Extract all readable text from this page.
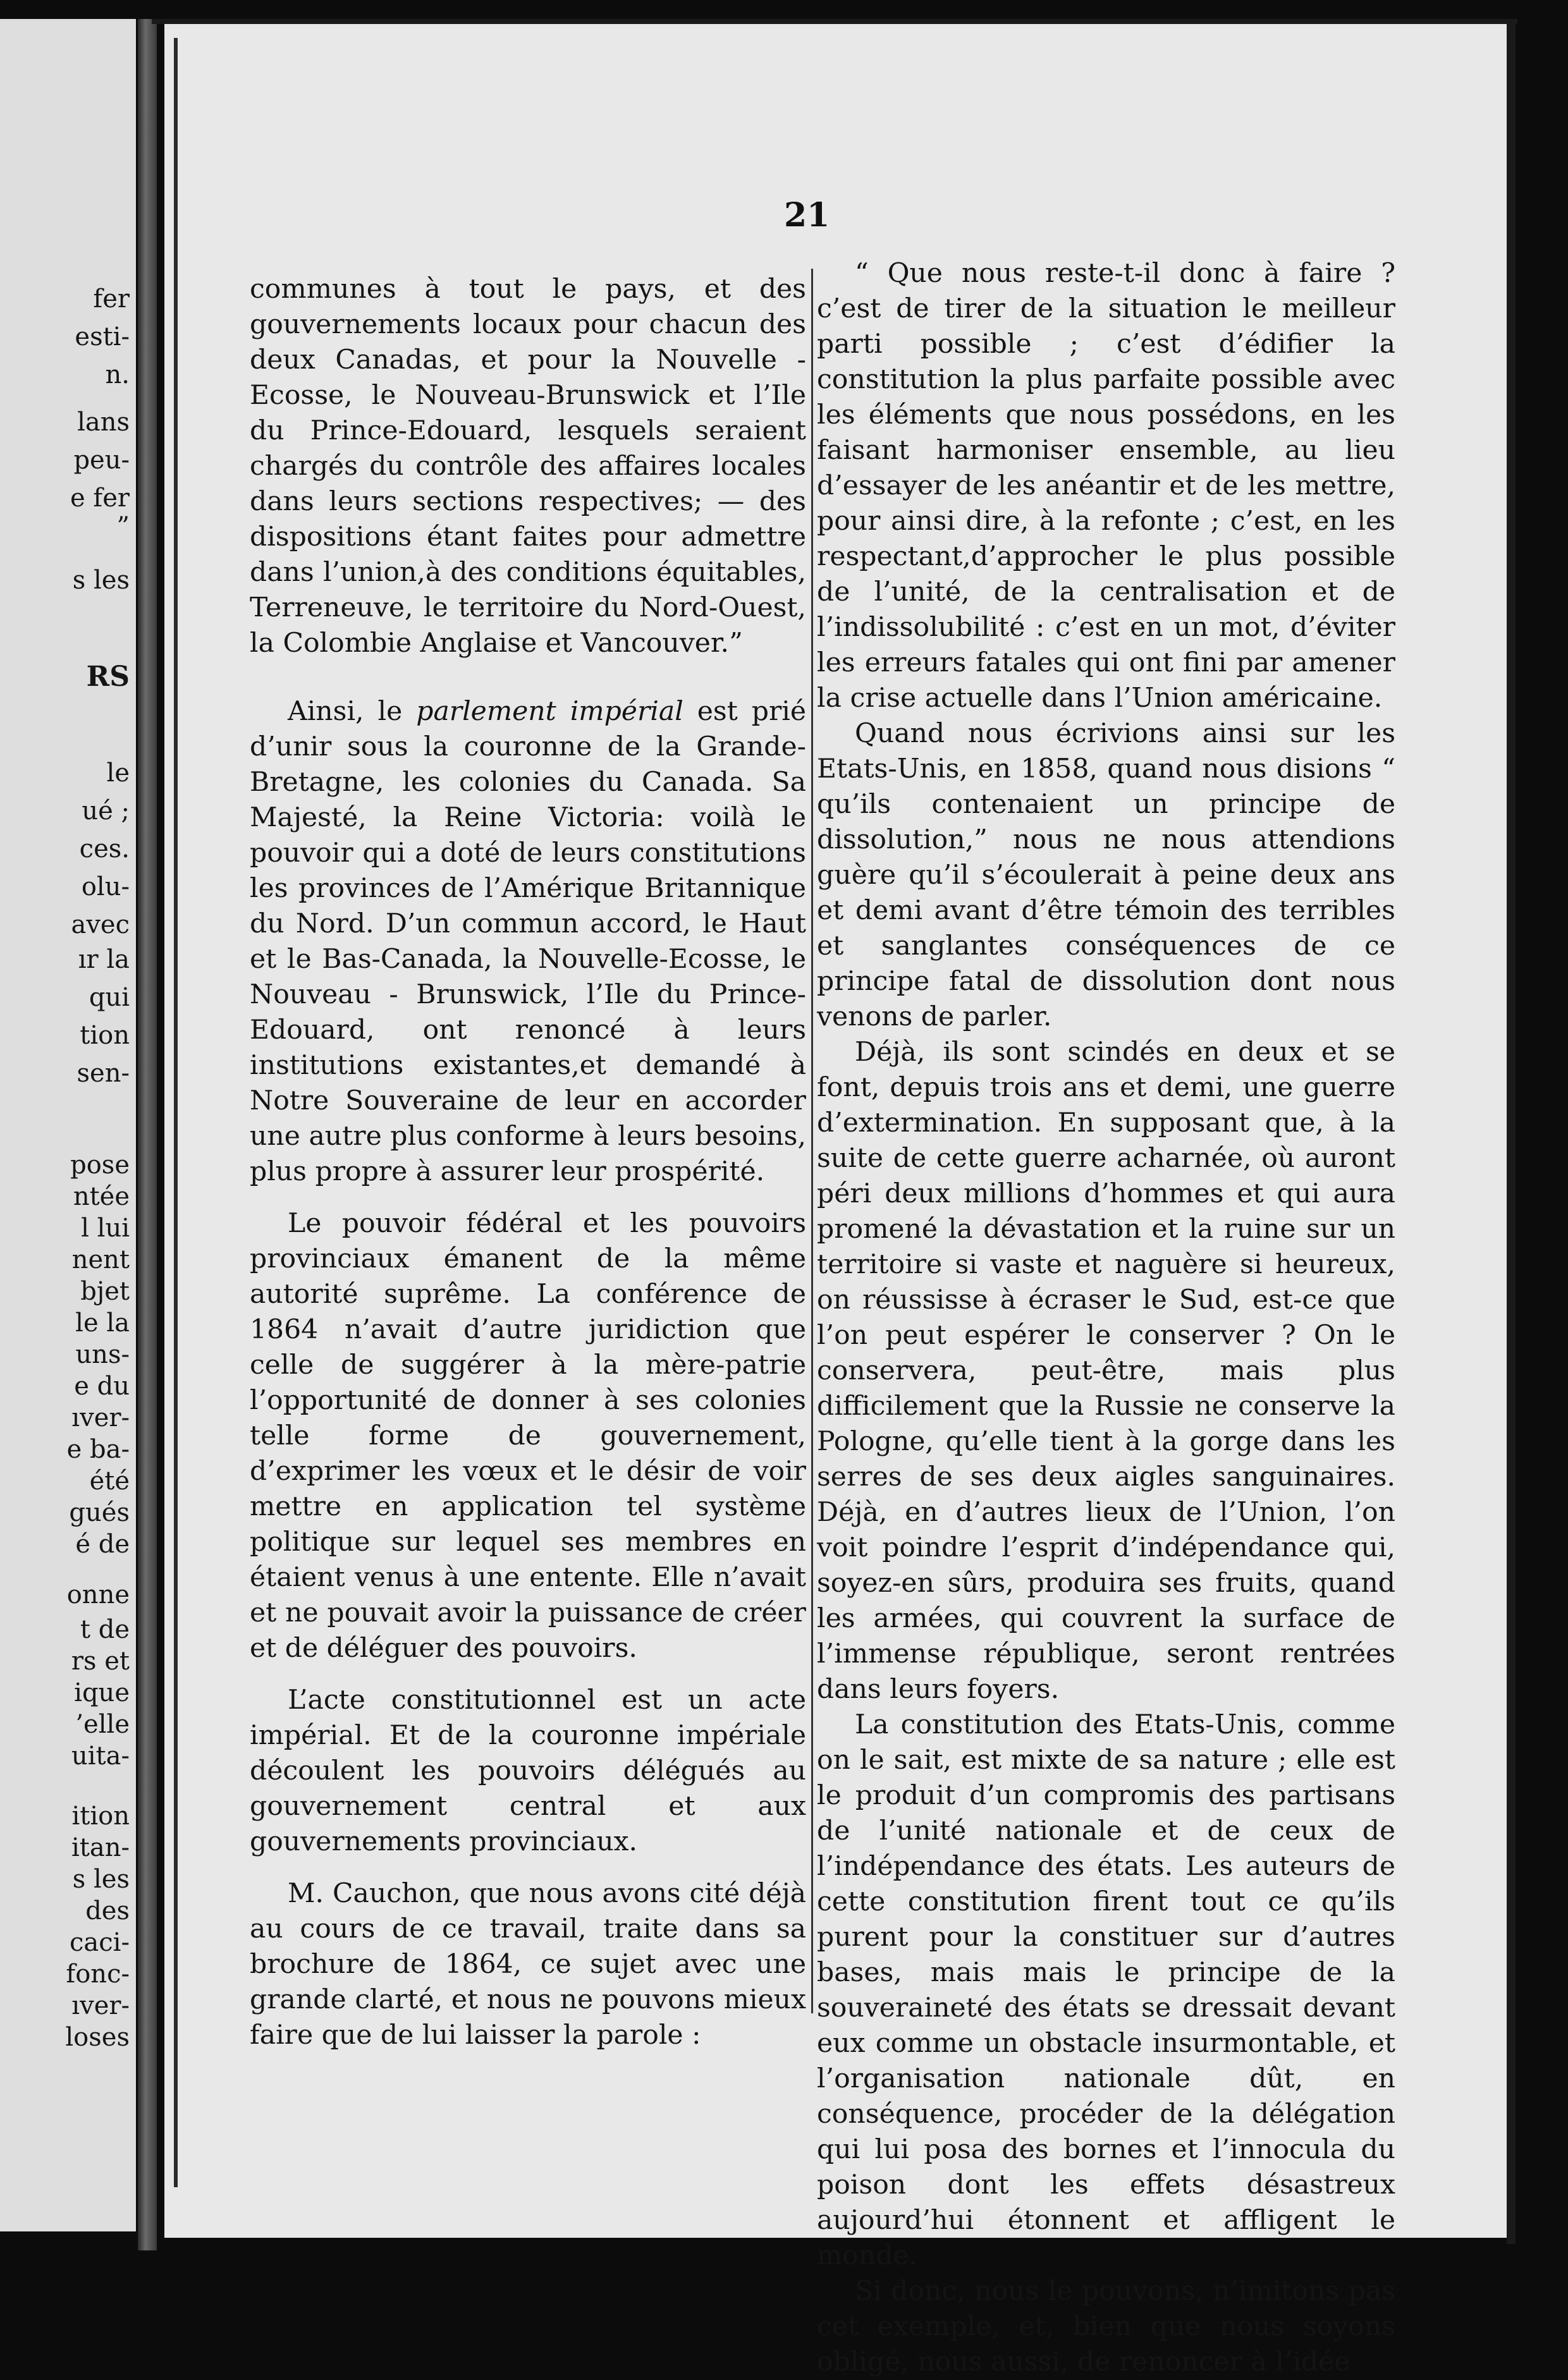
fer
esti-
n.
lans
peu-
e fer
”
s les
RS
le
ué ;
ces.
olu-
avec
ır la
qui
tion
sen-
pose
ntée
l lui
nent
bjet
le la
uns-
e du
ıver-
e ba-
été
gués
é de
onne
t de
rs et
ique
’elle
uita-
ition
itan-
s les
des
caci-
fonc-
ıver-
loses
21

communes à tout le pays, et des gouvernements locaux pour chacun des deux Canadas, et pour la Nouvelle - Ecosse, le Nouveau-Brunswick et l’Ile du Prince-Edouard, lesquels seraient chargés du contrôle des affaires locales dans leurs sections respectives; — des dispositions étant faites pour admettre dans l’union,à des conditions équitables, Terreneuve, le territoire du Nord-Ouest, la Colombie Anglaise et Vancouver.”

Ainsi, le parlement impérial est prié d’unir sous la couronne de la Grande-Bretagne, les colonies du Canada. Sa Majesté, la Reine Victoria: voilà le pouvoir qui a doté de leurs constitutions les provinces de l’Amérique Britannique du Nord. D’un commun accord, le Haut et le Bas-Canada, la Nouvelle-Ecosse, le Nouveau - Brunswick, l’Ile du Prince-Edouard, ont renoncé à leurs institutions existantes,et demandé à Notre Souveraine de leur en accorder une autre plus conforme à leurs besoins, plus propre à assurer leur prospérité.

Le pouvoir fédéral et les pouvoirs provinciaux émanent de la même autorité suprême. La conférence de 1864 n’avait d’autre juridiction que celle de suggérer à la mère-patrie l’opportunité de donner à ses colonies telle forme de gouvernement, d’exprimer les vœux et le désir de voir mettre en application tel système politique sur lequel ses membres en étaient venus à une entente. Elle n’avait et ne pouvait avoir la puissance de créer et de déléguer des pouvoirs.

L’acte constitutionnel est un acte impérial. Et de la couronne impériale découlent les pouvoirs délégués au gouvernement central et aux gouvernements provinciaux.

M. Cauchon, que nous avons cité déjà au cours de ce travail, traite dans sa brochure de 1864, ce sujet avec une grande clarté, et nous ne pouvons mieux faire que de lui laisser la parole :

“ Que nous reste-t-il donc à faire ? c’est de tirer de la situation le meilleur parti possible ; c’est d’édifier la constitution la plus parfaite possible avec les éléments que nous possédons, en les faisant harmoniser ensemble, au lieu d’essayer de les anéantir et de les mettre, pour ainsi dire, à la refonte ; c’est, en les respectant,d’approcher le plus possible de l’unité, de la centralisation et de l’indissolubilité : c’est en un mot, d’éviter les erreurs fatales qui ont fini par amener la crise actuelle dans l’Union américaine.

Quand nous écrivions ainsi sur les Etats-Unis, en 1858, quand nous disions “ qu’ils contenaient un principe de dissolution,” nous ne nous attendions guère qu’il s’écoulerait à peine deux ans et demi avant d’être témoin des terribles et sanglantes conséquences de ce principe fatal de dissolution dont nous venons de parler.

Déjà, ils sont scindés en deux et se font, depuis trois ans et demi, une guerre d’extermination. En supposant que, à la suite de cette guerre acharnée, où auront péri deux millions d’hommes et qui aura promené la dévastation et la ruine sur un territoire si vaste et naguère si heureux, on réussisse à écraser le Sud, est-ce que l’on peut espérer le conserver ? On le conservera, peut-être, mais plus difficilement que la Russie ne conserve la Pologne, qu’elle tient à la gorge dans les serres de ses deux aigles sanguinaires. Déjà, en d’autres lieux de l’Union, l’on voit poindre l’esprit d’indépendance qui, soyez-en sûrs, produira ses fruits, quand les armées, qui couvrent la surface de l’immense république, seront rentrées dans leurs foyers.

La constitution des Etats-Unis, comme on le sait, est mixte de sa nature ; elle est le produit d’un compromis des partisans de l’unité nationale et de ceux de l’indépendance des états. Les auteurs de cette constitution firent tout ce qu’ils purent pour la constituer sur d’autres bases, mais mais le principe de la souveraineté des états se dressait devant eux comme un obstacle insurmontable, et l’organisation nationale dût, en conséquence, procéder de la délégation qui lui posa des bornes et l’innocula du poison dont les effets désastreux aujourd’hui étonnent et affligent le monde.

Si donc, nous le pouvons, n’imitons pas cet exemple, et, bien que nous soyons obligé, nous aussi, de renoncer à l’idée
